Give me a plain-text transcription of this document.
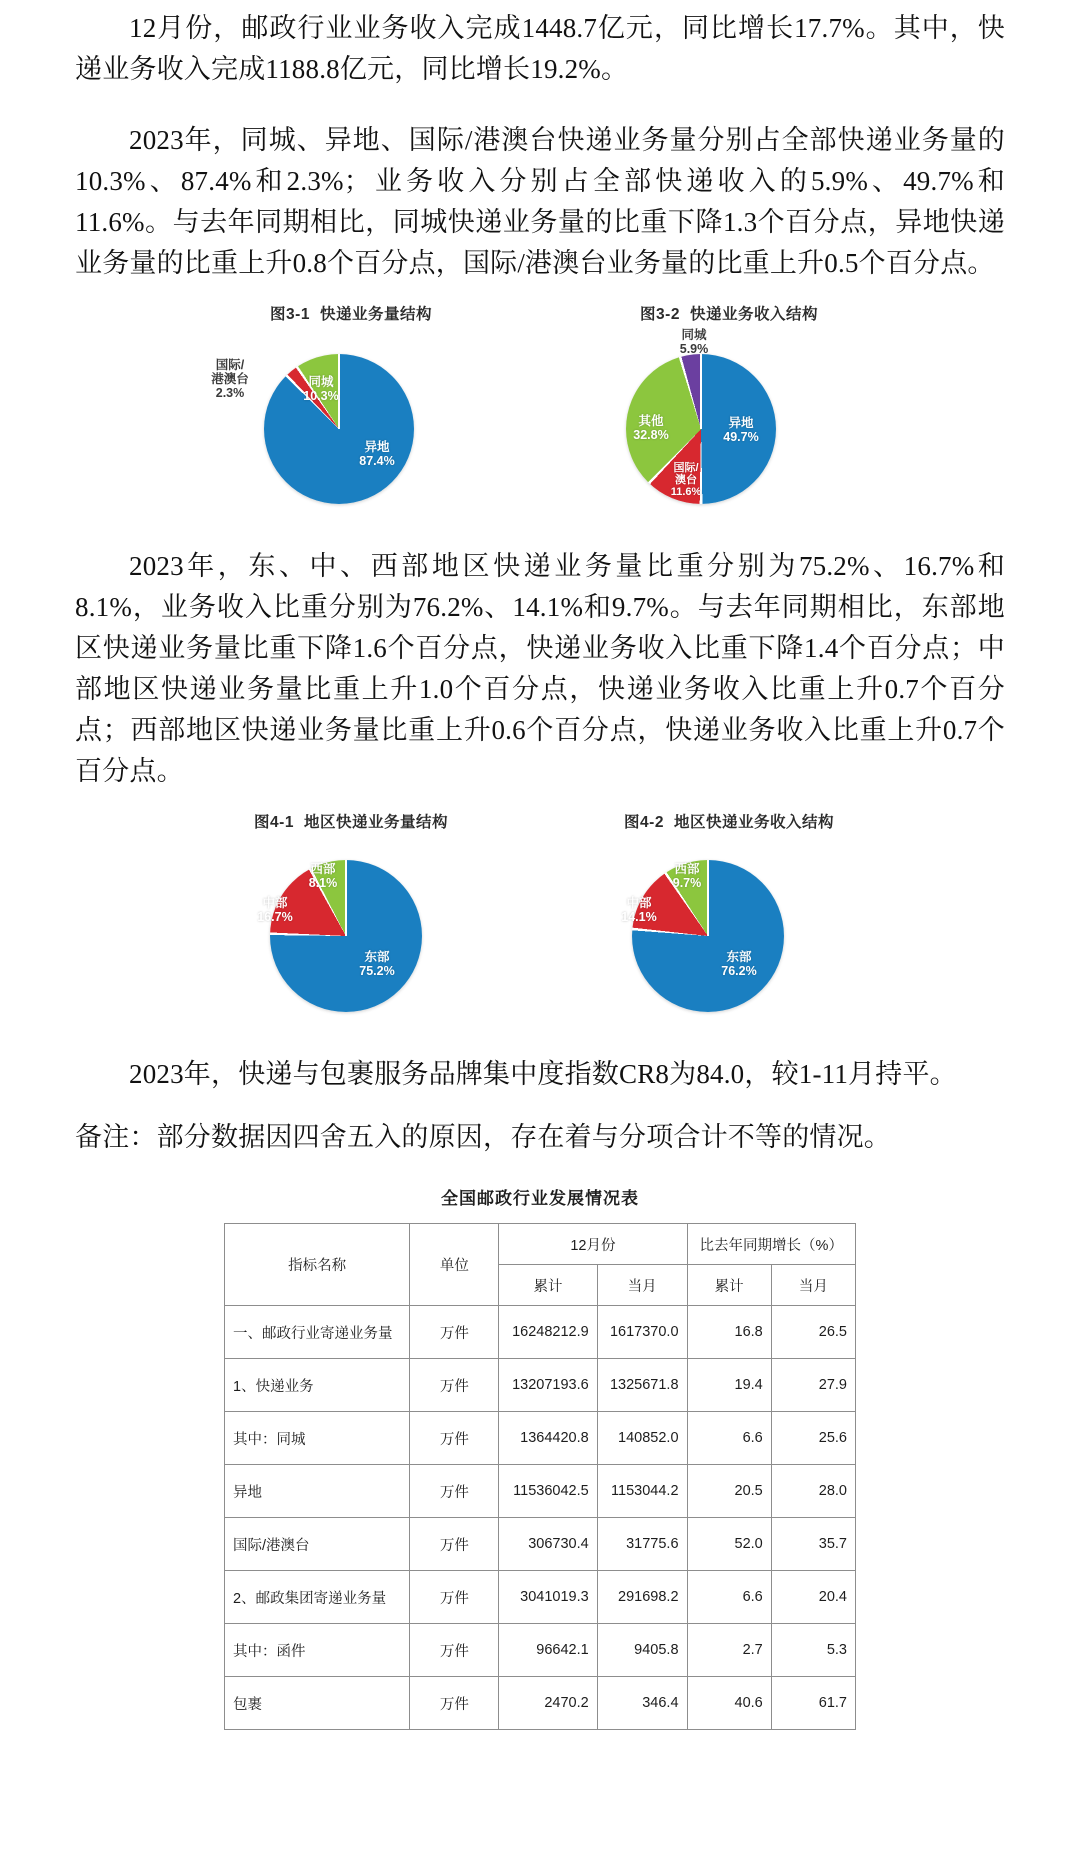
12月份，邮政行业业务收入完成1448.7亿元，同比增长17.7%。其中，快递业务收入完成1188.8亿元，同比增长19.2%。

2023年，同城、异地、国际/港澳台快递业务量分别占全部快递业务量的10.3%、87.4%和2.3%；业务收入分别占全部快递收入的5.9%、49.7%和11.6%。与去年同期相比，同城快递业务量的比重下降1.3个百分点，异地快递业务量的比重上升0.8个百分点，国际/港澳台业务量的比重上升0.5个百分点。

图3-1 快递业务量结构
国际/
港澳台
2.3%
同城
10.3%
异地
87.4%
图3-2 快递业务收入结构
同城
5.9%
其他
32.8%
异地
49.7%
国际/
澳台
11.6%

2023年，东、中、西部地区快递业务量比重分别为75.2%、16.7%和8.1%，业务收入比重分别为76.2%、14.1%和9.7%。与去年同期相比，东部地区快递业务量比重下降1.6个百分点，快递业务收入比重下降1.4个百分点；中部地区快递业务量比重上升1.0个百分点，快递业务收入比重上升0.7个百分点；西部地区快递业务量比重上升0.6个百分点，快递业务收入比重上升0.7个百分点。

图4-1 地区快递业务量结构
西部
8.1%
中部
16.7%
东部
75.2%
图4-2 地区快递业务收入结构
西部
9.7%
中部
14.1%
东部
76.2%

2023年，快递与包裹服务品牌集中度指数CR8为84.0，较1-11月持平。

备注：部分数据因四舍五入的原因，存在着与分项合计不等的情况。

全国邮政行业发展情况表
指标名称	单位	12月份		比去年同期增长（%）	
		累计	当月	累计	当月
一、邮政行业寄递业务量	万件	16248212.9	1617370.0	16.8	26.5
1、快递业务	万件	13207193.6	1325671.8	19.4	27.9
其中：同城	万件	1364420.8	140852.0	6.6	25.6
异地	万件	11536042.5	1153044.2	20.5	28.0
国际/港澳台	万件	306730.4	31775.6	52.0	35.7
2、邮政集团寄递业务量	万件	3041019.3	291698.2	6.6	20.4
其中：函件	万件	96642.1	9405.8	2.7	5.3
包裹	万件	2470.2	346.4	40.6	61.7
